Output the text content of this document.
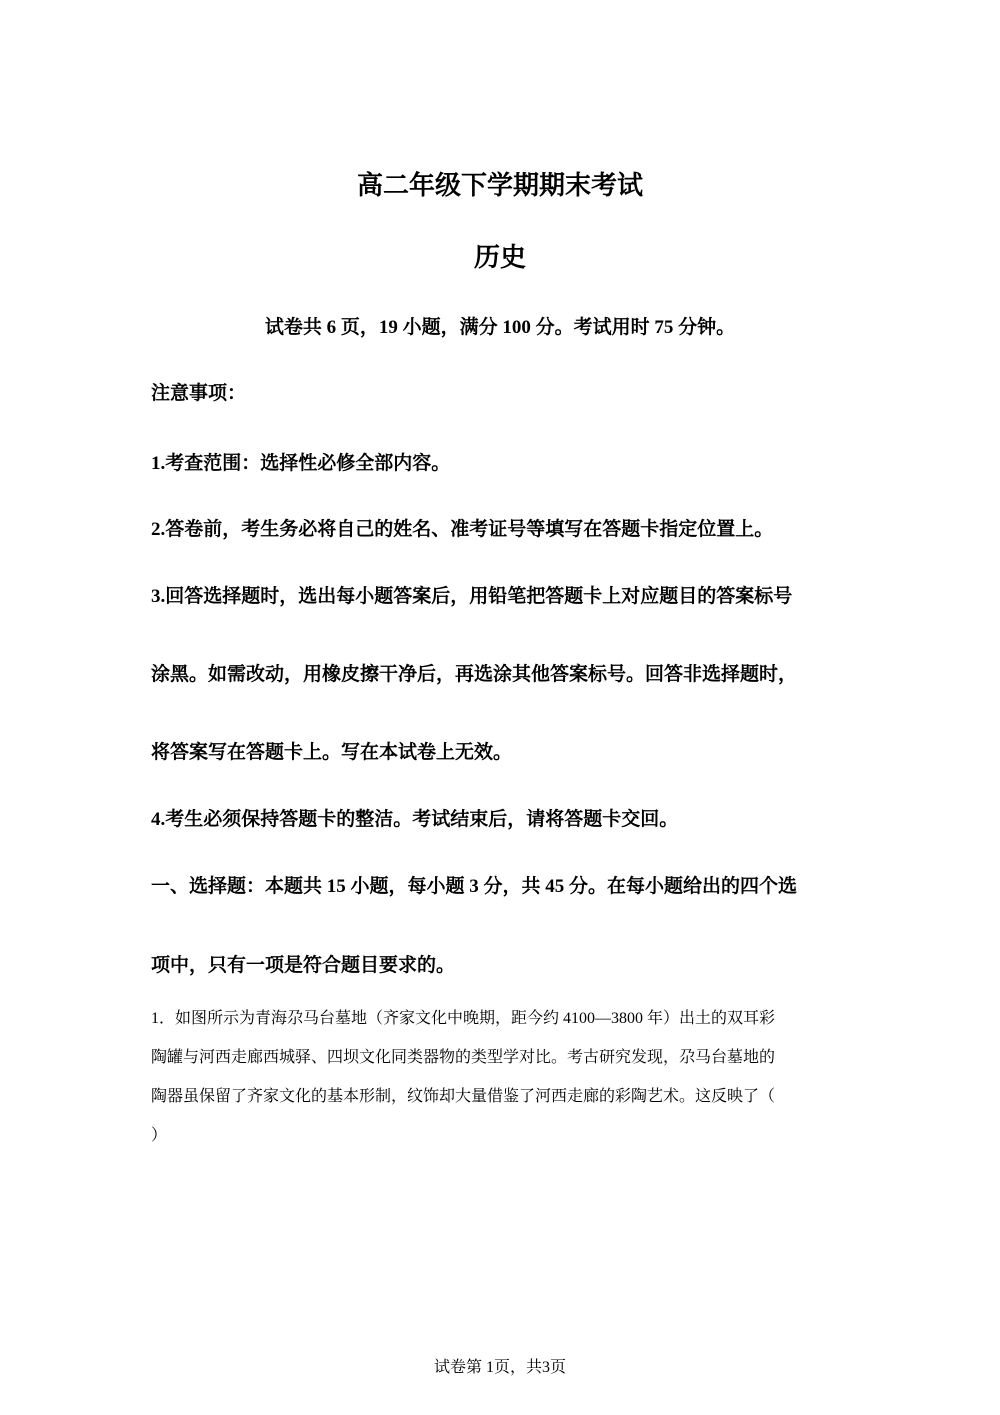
高二年级下学期期末考试
历史
试卷共 6 页，19 小题，满分 100 分。考试用时 75 分钟。
注意事项：
1.考查范围：选择性必修全部内容。
2.答卷前，考生务必将自己的姓名、准考证号等填写在答题卡指定位置上。
3.回答选择题时，选出每小题答案后，用铅笔把答题卡上对应题目的答案标号
涂黑。如需改动，用橡皮擦干净后，再选涂其他答案标号。回答非选择题时，
将答案写在答题卡上。写在本试卷上无效。
4.考生必须保持答题卡的整洁。考试结束后，请将答题卡交回。
一、选择题：本题共 15 小题，每小题 3 分，共 45 分。在每小题给出的四个选
项中，只有一项是符合题目要求的。
1．如图所示为青海尕马台墓地（齐家文化中晚期，距今约 4100—3800 年）出土的双耳彩
陶罐与河西走廊西城驿、四坝文化同类器物的类型学对比。考古研究发现，尕马台墓地的
陶器虽保留了齐家文化的基本形制，纹饰却大量借鉴了河西走廊的彩陶艺术。这反映了（
）
试卷第 1页，共3页
